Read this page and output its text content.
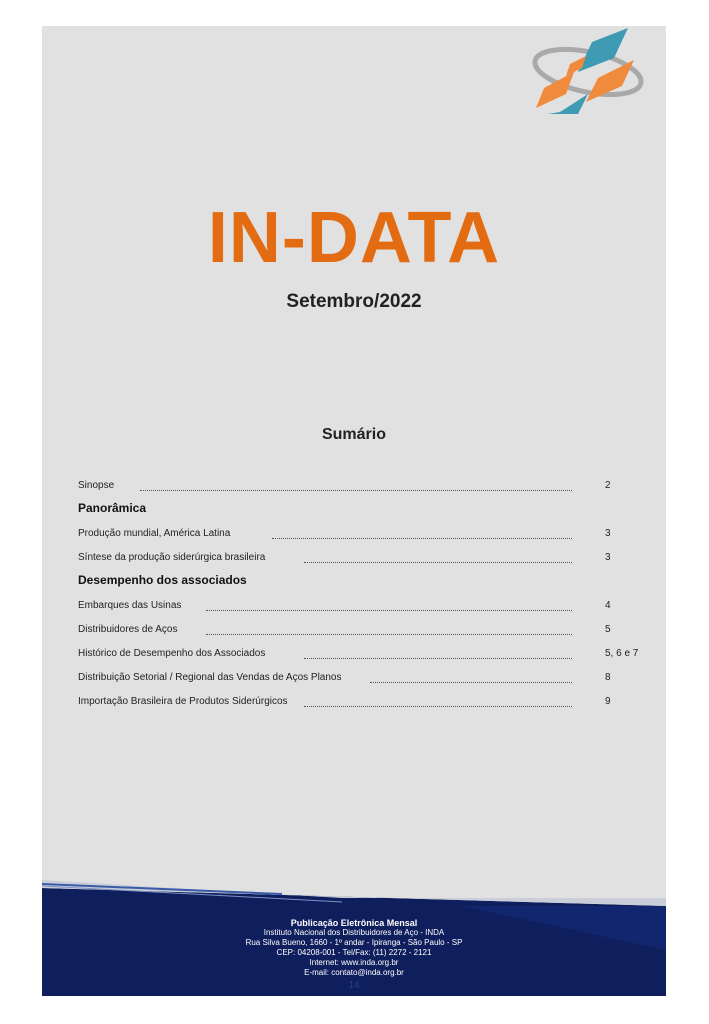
IN-DATA
Setembro/2022
Sumário
Sinopse	2
Panorâmica
Produção mundial, América Latina	3
Síntese da produção siderúrgica brasileira	3
Desempenho dos associados
Embarques das Usinas	4
Distribuidores de Aços	5
Histórico de Desempenho dos Associados	5, 6 e 7
Distribuição Setorial / Regional das Vendas de Aços Planos	8
Importação Brasileira de Produtos Siderúrgicos	9
Publicação Eletrônica Mensal
Instituto Nacional dos Distribuidores de Aço - INDA
Rua Silva Bueno, 1660 - 1º andar - Ipiranga - São Paulo - SP
CEP: 04208-001 - Tel/Fax: (11) 2272 - 2121
Internet: www.inda.org.br
E-mail: contato@inda.org.br
14
